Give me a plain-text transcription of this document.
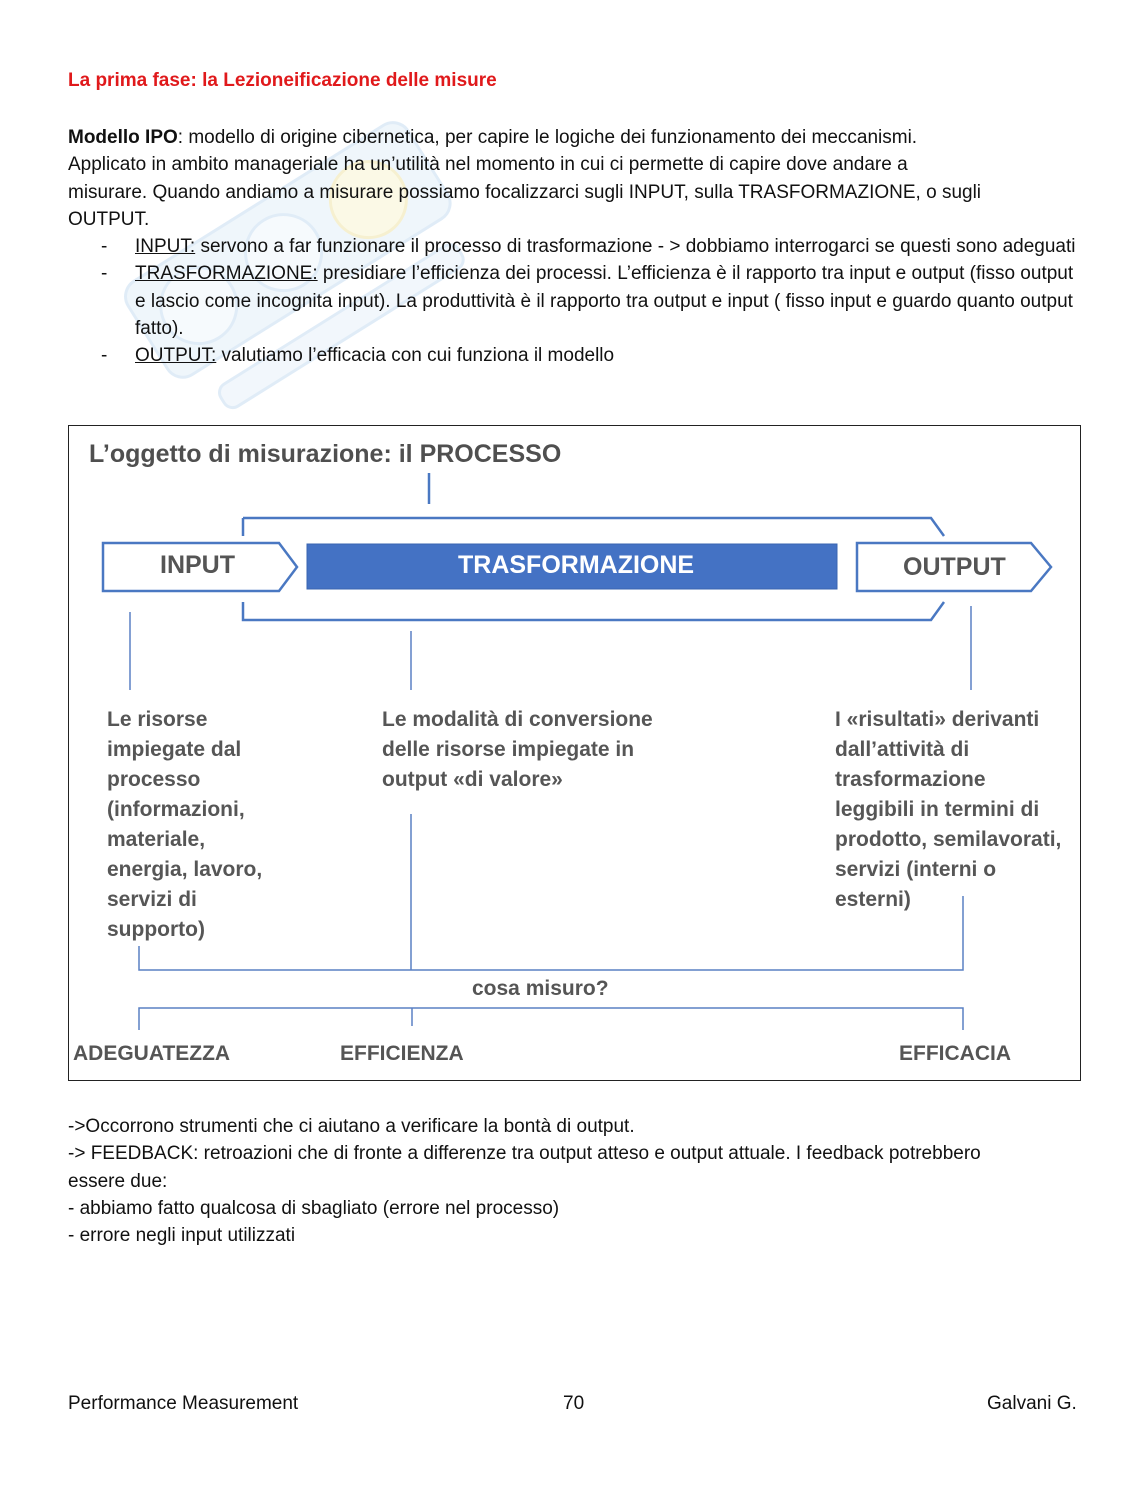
La prima fase: la Lezioneificazione delle misure

Modello IPO: modello di origine cibernetica, per capire le logiche dei funzionamento dei meccanismi.
Applicato in ambito manageriale ha un’utilità nel momento in cui ci permette di capire dove andare a
misurare. Quando andiamo a misurare possiamo focalizzarci sugli INPUT, sulla TRASFORMAZIONE, o sugli
OUTPUT.

- INPUT: servono a far funzionare il processo di trasformazione - > dobbiamo interrogarci se questi sono adeguati
- TRASFORMAZIONE: presidiare l’efficienza dei processi. L’efficienza è il rapporto tra input e output (fisso output e lascio come incognita input). La produttività è il rapporto tra output e input ( fisso input e guardo quanto output fatto).
- OUTPUT: valutiamo l’efficacia con cui funziona il modello

L’oggetto di misurazione: il PROCESSO

INPUT	TRASFORMAZIONE	OUTPUT

Le risorse
impiegate dal
processo
(informazioni,
materiale,
energia, lavoro,
servizi di
supporto)
Le modalità di conversione
delle risorse impiegate in
output «di valore»
I «risultati» derivanti
dall’attività di
trasformazione
leggibili in termini di
prodotto, semilavorati,
servizi (interni o
esterni)

cosa misuro?

ADEGUATEZZA	EFFICIENZA	EFFICACIA

->Occorrono strumenti che ci aiutano a verificare la bontà di output.
-> FEEDBACK: retroazioni che di fronte a differenze tra output atteso e output attuale. I feedback potrebbero
essere due:
- abbiamo fatto qualcosa di sbagliato (errore nel processo)
- errore negli input utilizzati

Performance Measurement	70	Galvani G.
